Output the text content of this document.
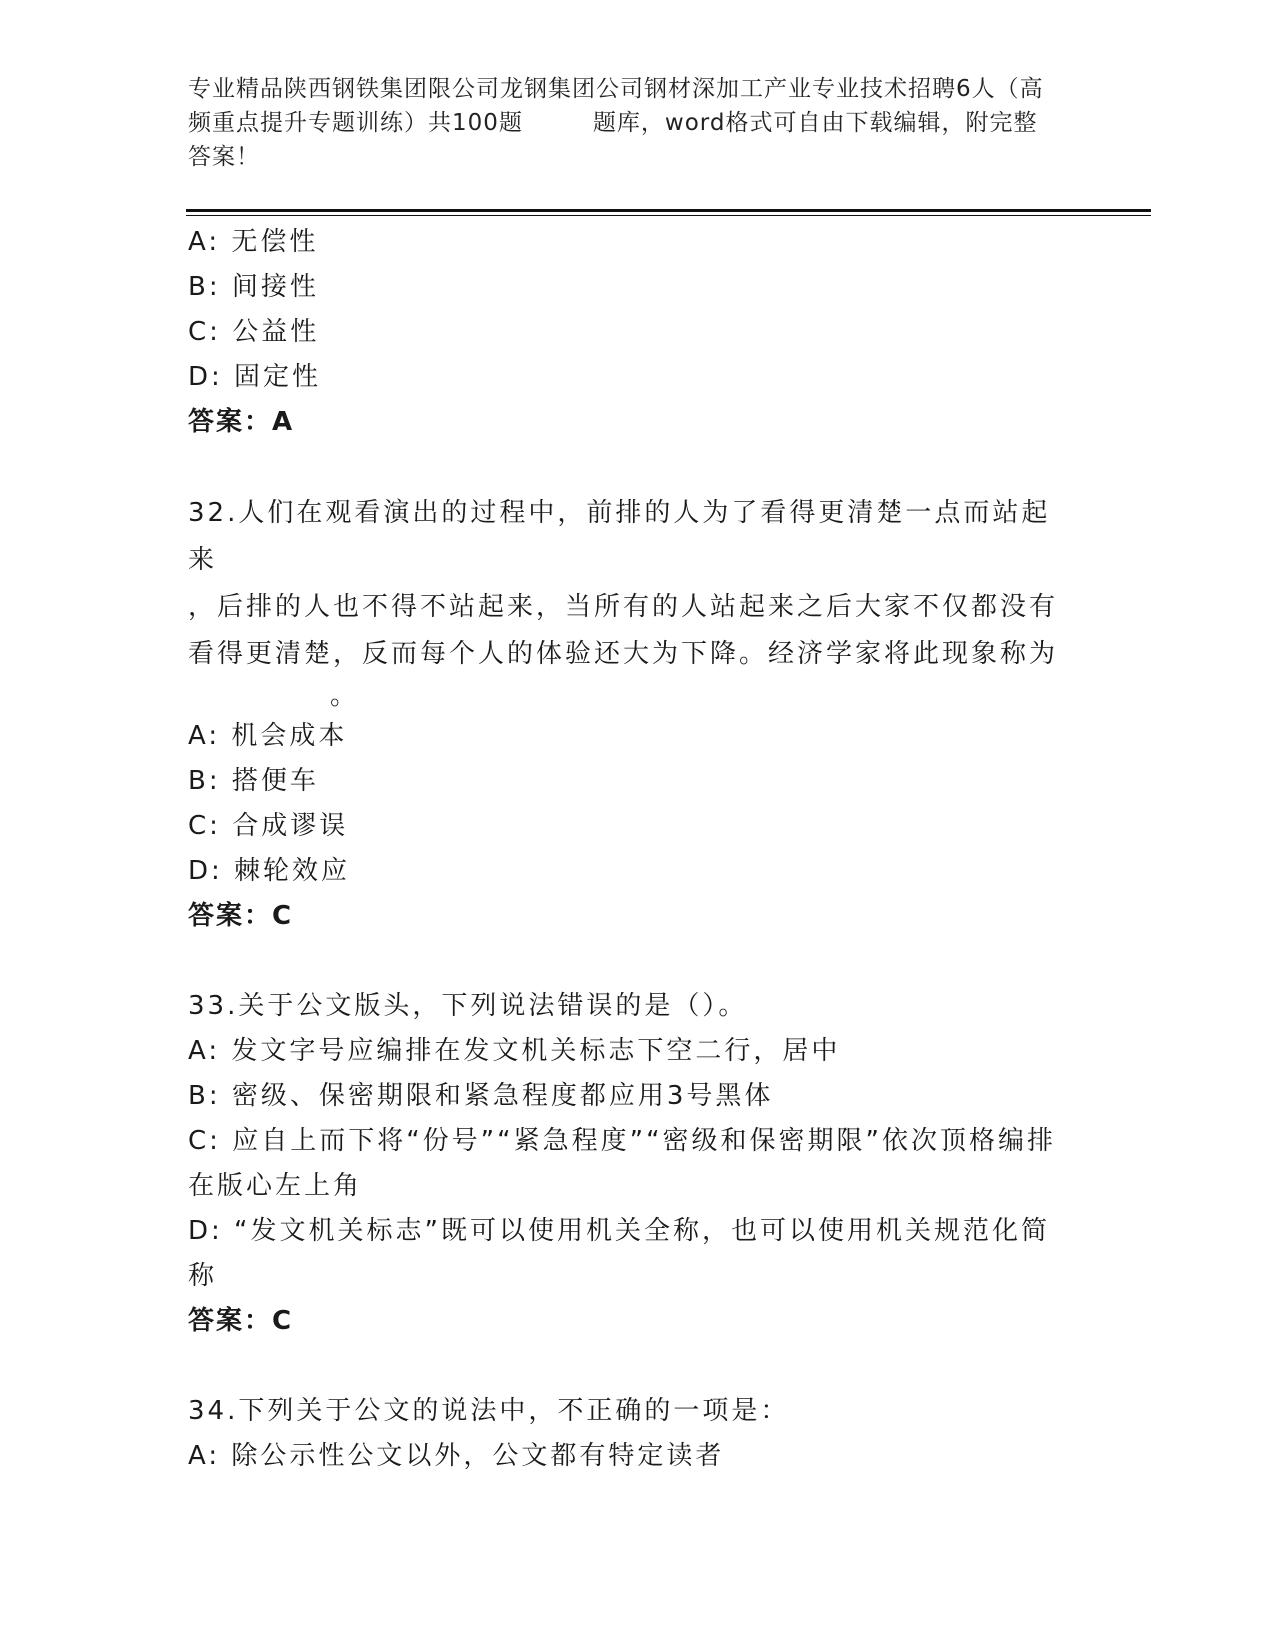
专业精品陕西钢铁集团限公司龙钢集团公司钢材深加工产业专业技术招聘6人（高
频重点提升专题训练）共100题	题库，word格式可自由下载编辑，附完整
答案！
A: 无偿性
B: 间接性
C: 公益性
D: 固定性
答案：A
32.人们在观看演出的过程中，前排的人为了看得更清楚一点而站起来
，后排的人也不得不站起来，当所有的人站起来之后大家不仅都没有
看得更清楚，反而每个人的体验还大为下降。经济学家将此现象称为
。
A: 机会成本
B: 搭便车
C: 合成谬误
D: 棘轮效应
答案：C
33.关于公文版头，下列说法错误的是（）。
A: 发文字号应编排在发文机关标志下空二行，居中
B: 密级、保密期限和紧急程度都应用3号黑体
C: 应自上而下将“份号”“紧急程度”“密级和保密期限”依次顶格编排在版心左上角
D: “发文机关标志”既可以使用机关全称，也可以使用机关规范化简称
答案：C
34.下列关于公文的说法中，不正确的一项是：
A: 除公示性公文以外，公文都有特定读者
